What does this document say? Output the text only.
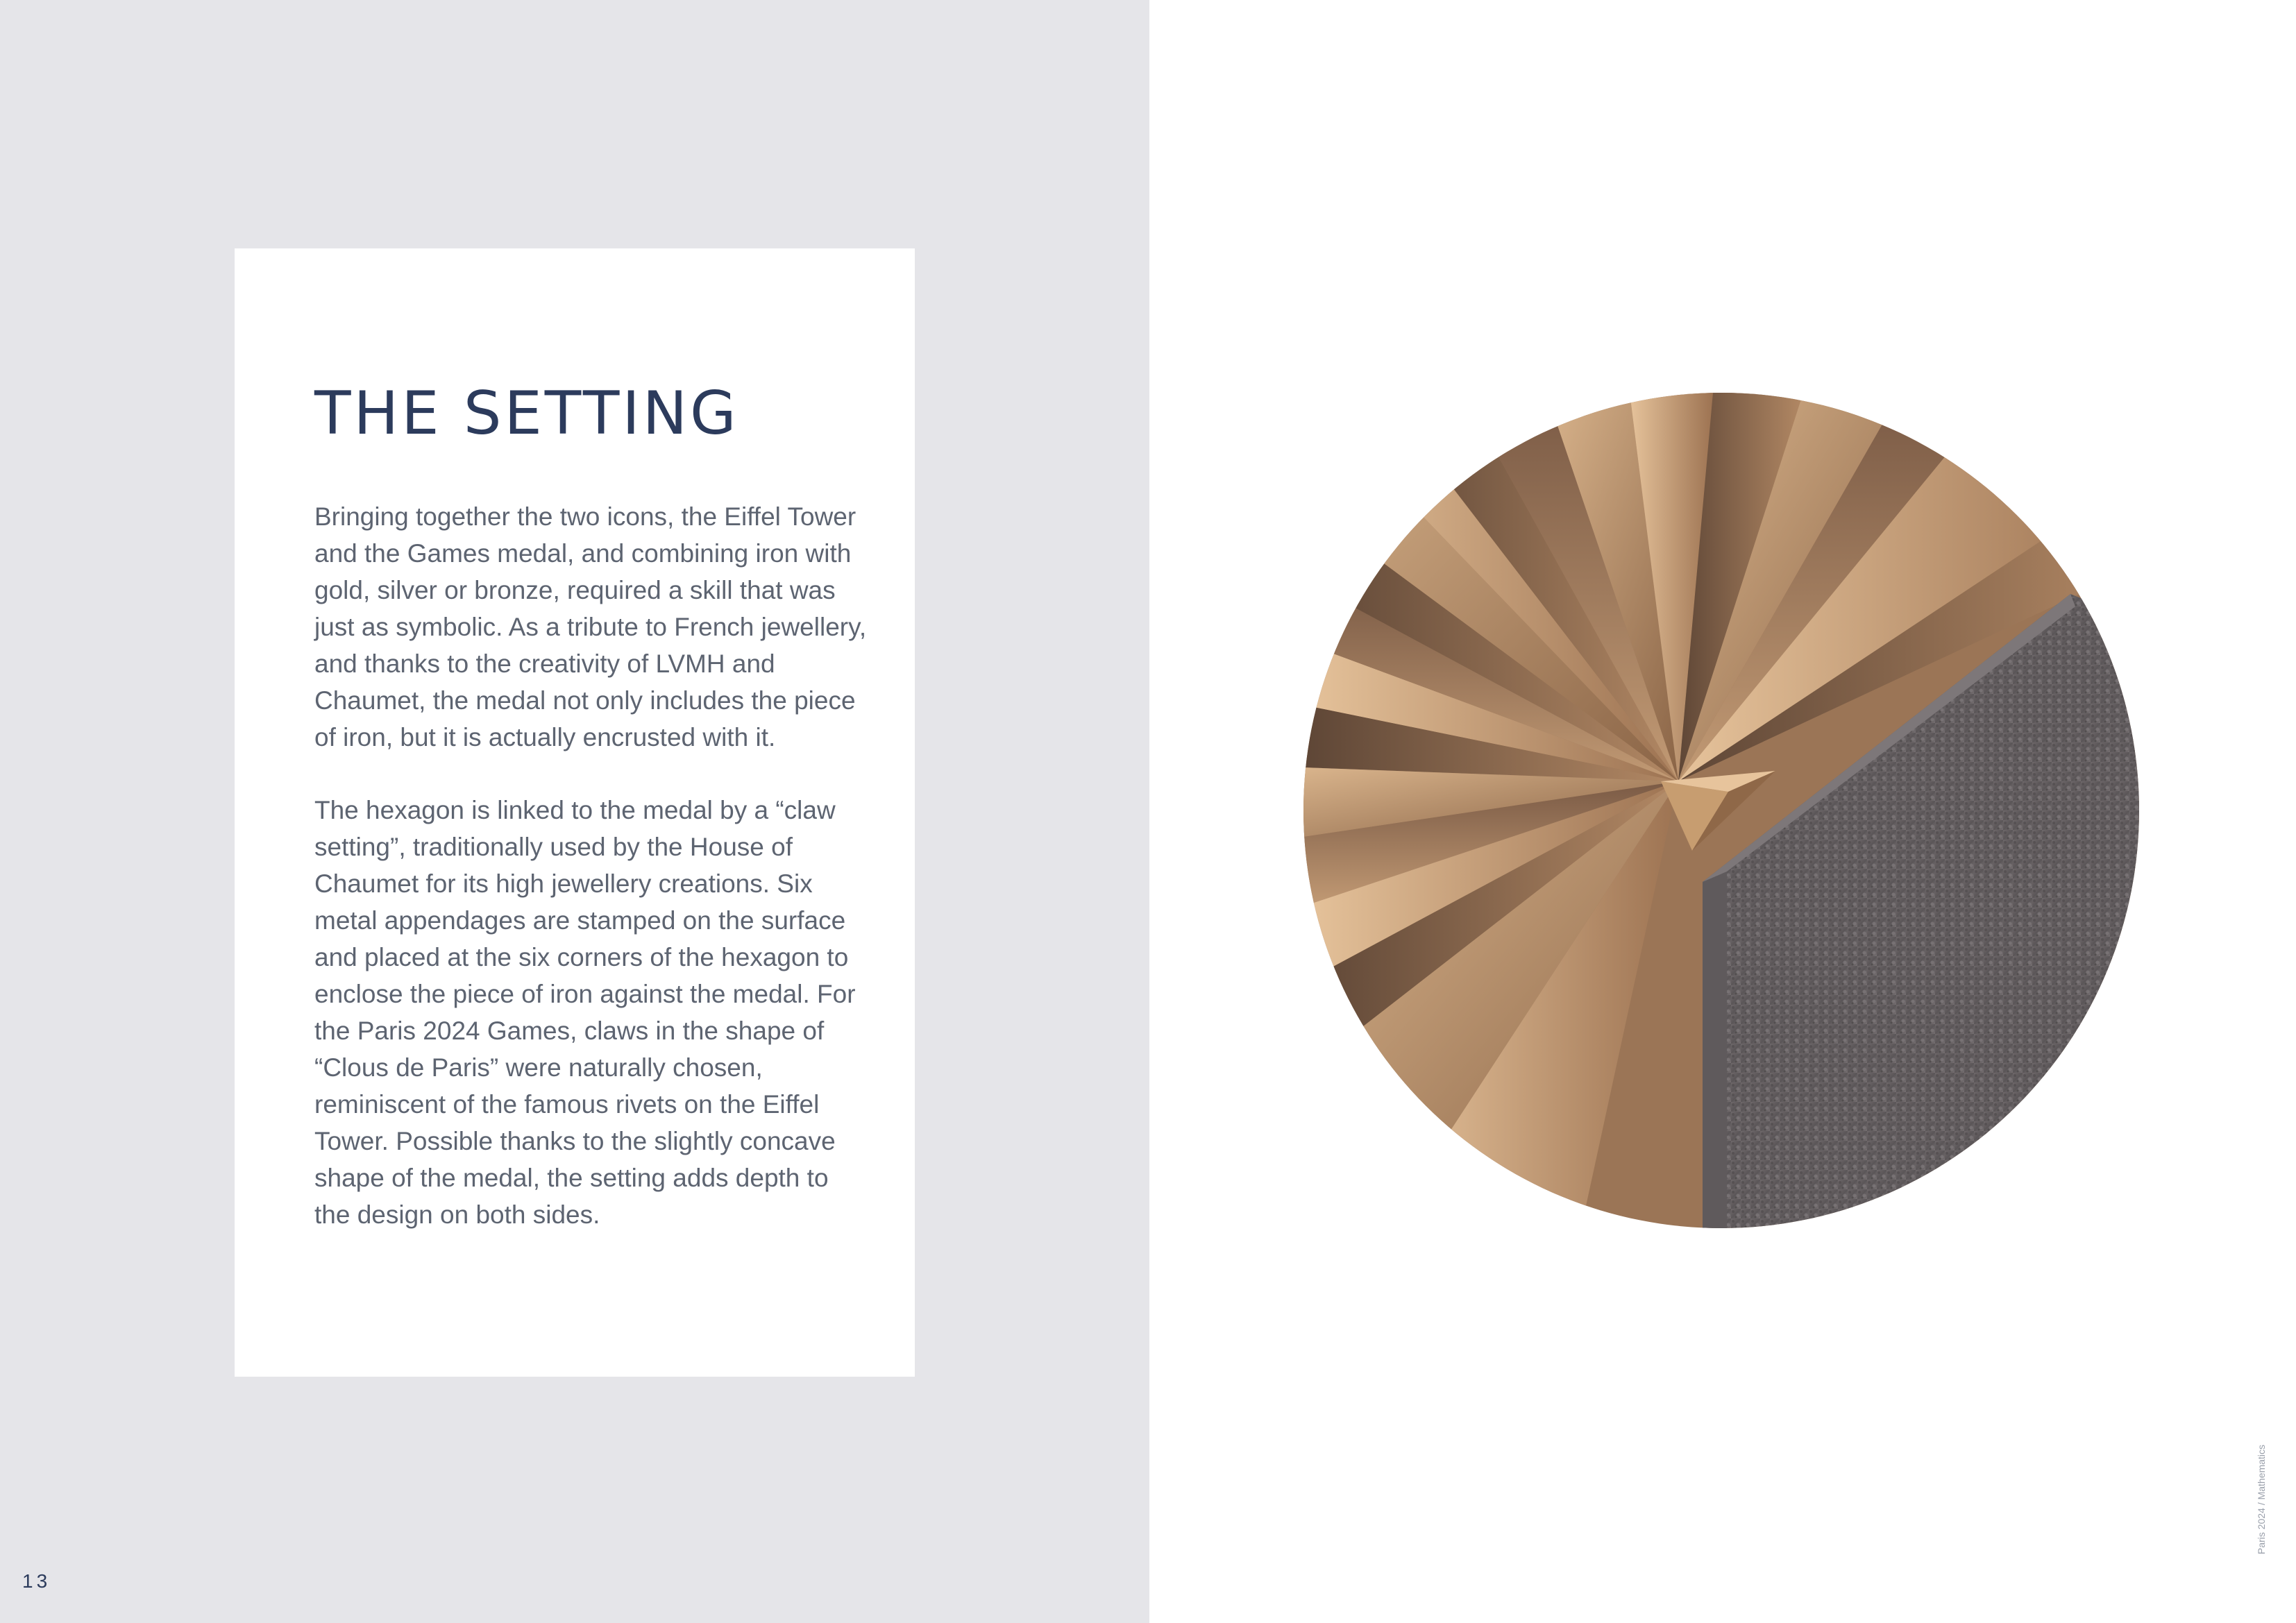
THE SETTING

Bringing together the two icons, the Eiffel Tower and the Games medal, and combining iron with gold, silver or bronze, required a skill that was just as symbolic. As a tribute to French jewellery, and thanks to the creativity of LVMH and Chaumet, the medal not only includes the piece of iron, but it is actually encrusted with it.

The hexagon is linked to the medal by a “claw setting”, traditionally used by the House of Chaumet for its high jewellery creations. Six metal appendages are stamped on the surface and placed at the six corners of the hexagon to enclose the piece of iron against the medal. For the Paris 2024 Games, claws in the shape of “Clous de Paris” were naturally chosen, reminiscent of the famous rivets on the Eiffel Tower. Possible thanks to the slightly concave shape of the medal, the setting adds depth to the design on both sides.

13
Paris 2024 / Mathematics
